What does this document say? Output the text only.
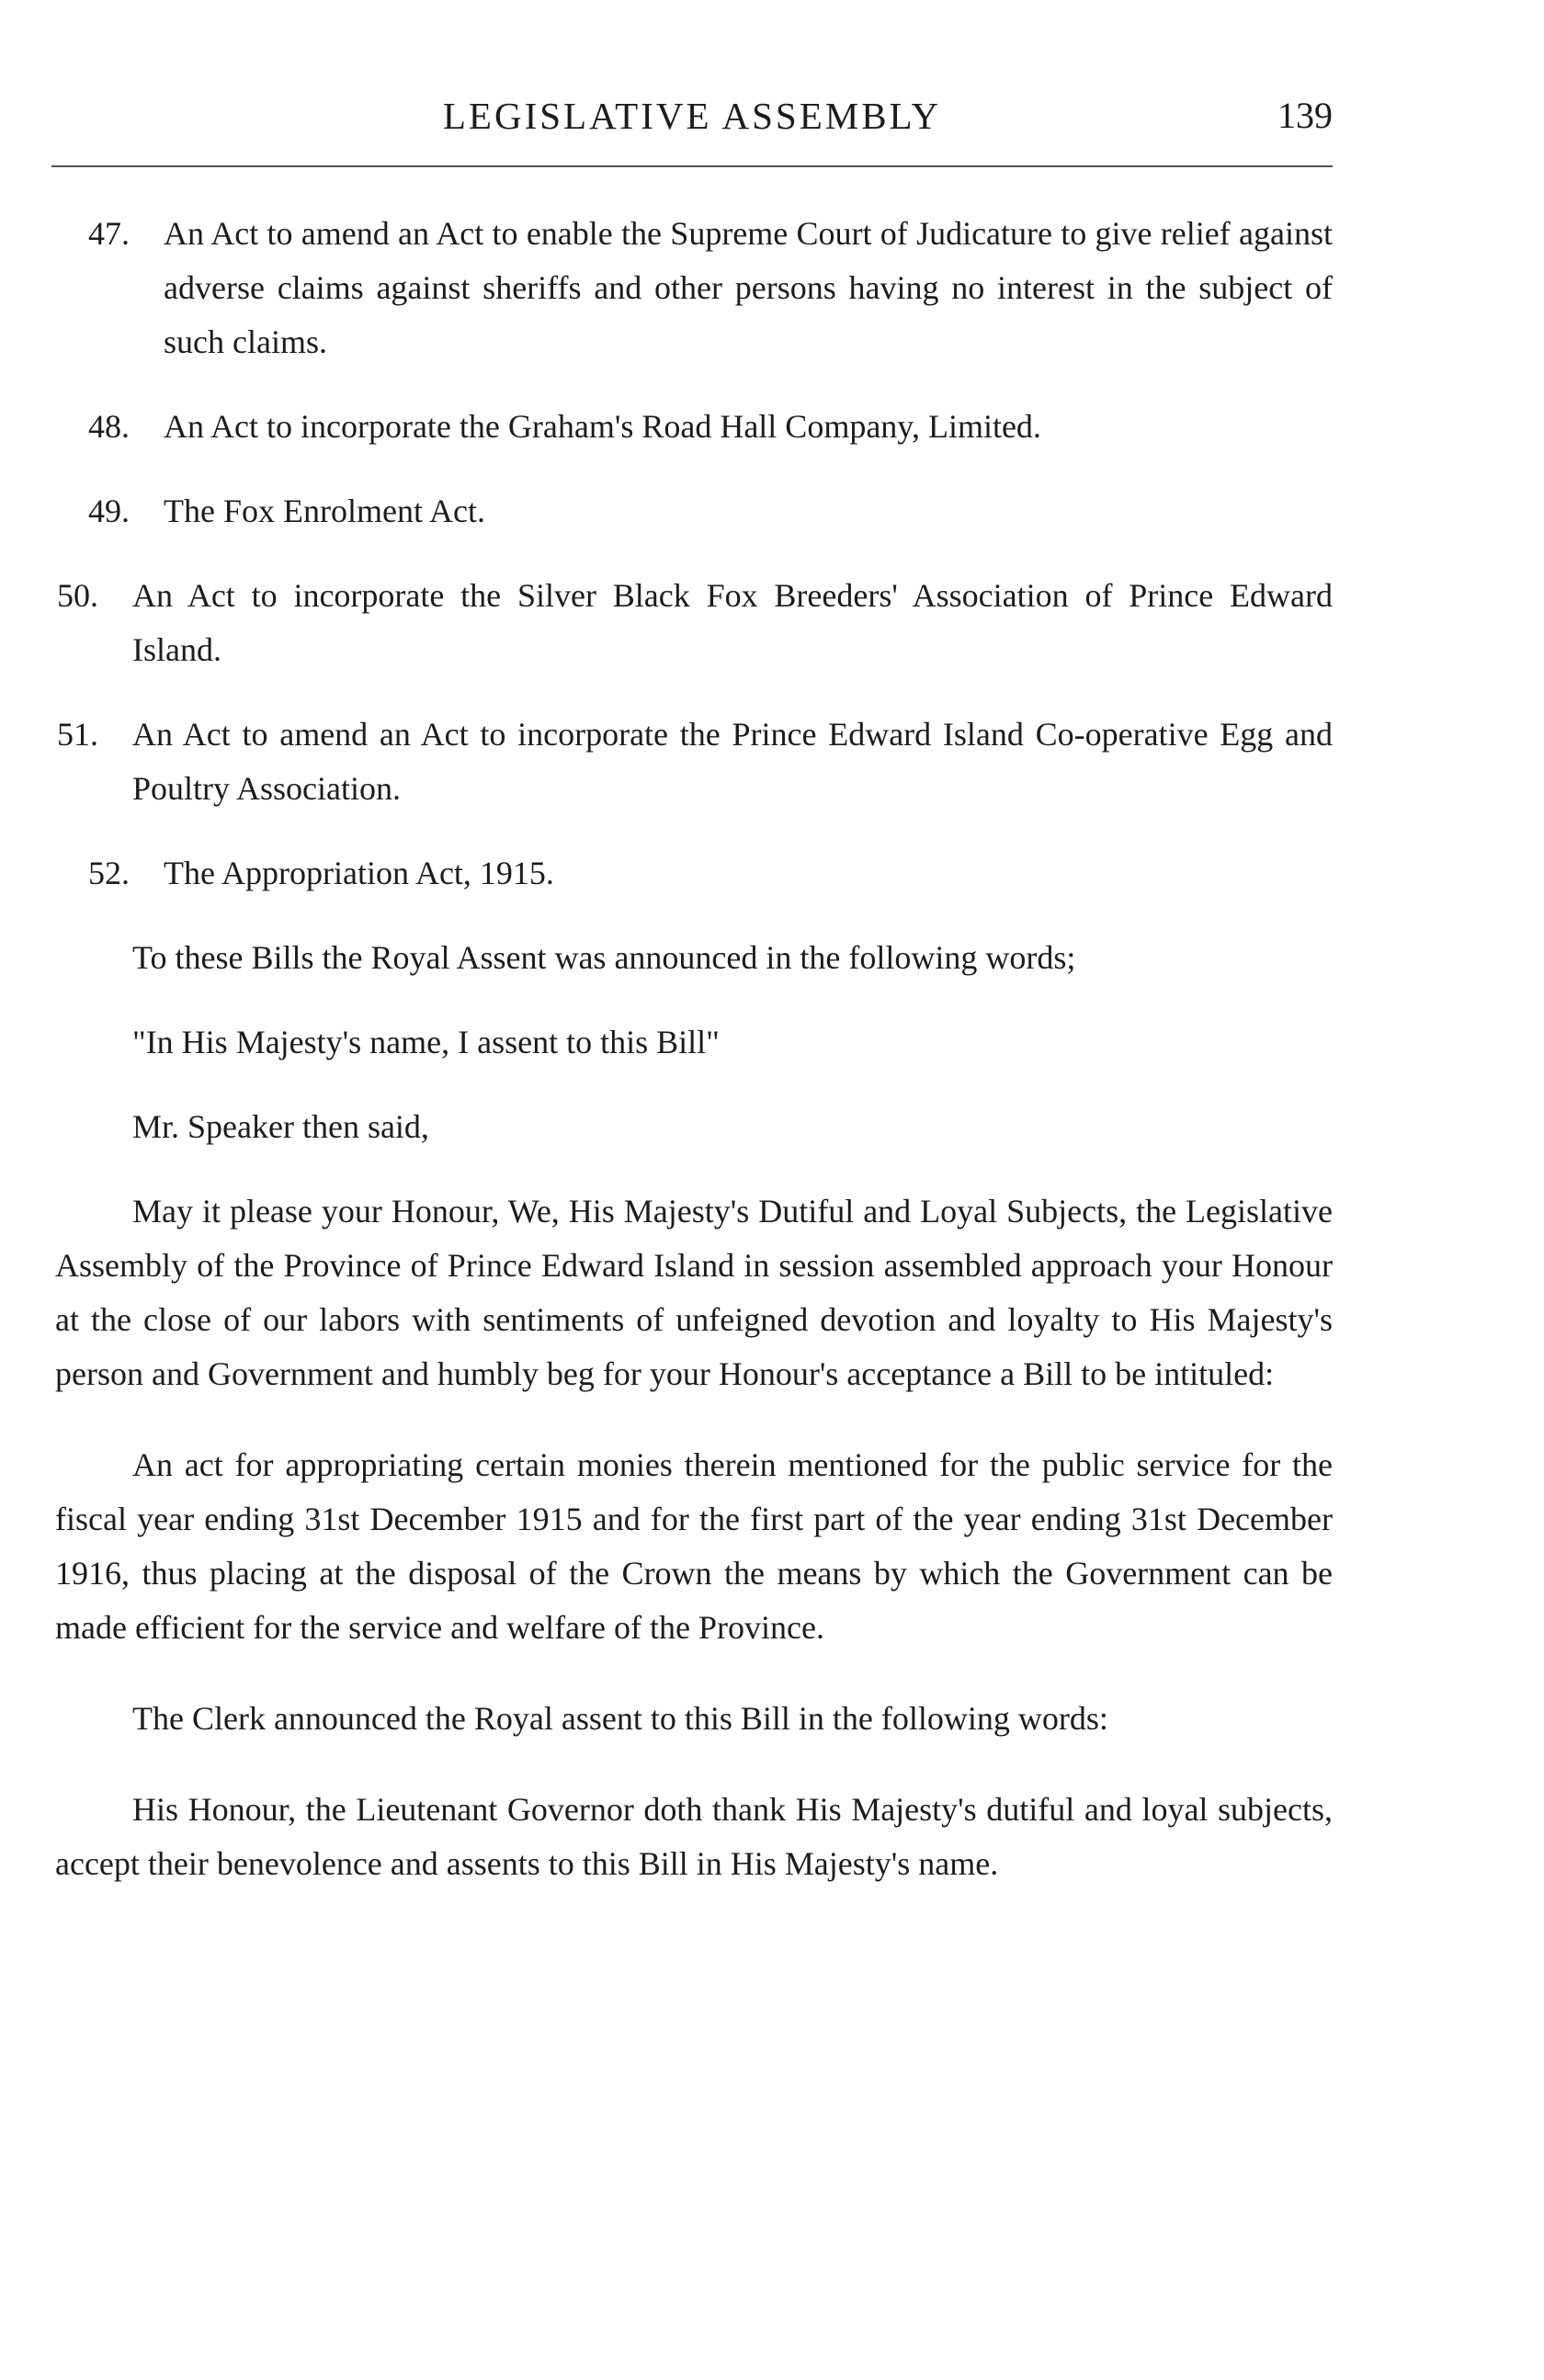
LEGISLATIVE ASSEMBLY	139
47. An Act to amend an Act to enable the Supreme Court of Judicature to give relief against adverse claims against sheriffs and other persons having no interest in the subject of such claims.
48. An Act to incorporate the Graham's Road Hall Company, Limited.
49. The Fox Enrolment Act.
50. An Act to incorporate the Silver Black Fox Breeders' Association of Prince Edward Island.
51. An Act to amend an Act to incorporate the Prince Edward Island Co-operative Egg and Poultry Association.
52. The Appropriation Act, 1915.

To these Bills the Royal Assent was announced in the following words;

"In His Majesty's name, I assent to this Bill"

Mr. Speaker then said,

May it please your Honour, We, His Majesty's Dutiful and Loyal Subjects, the Legislative Assembly of the Province of Prince Edward Island in session assembled approach your Honour at the close of our labors with sentiments of unfeigned devotion and loyalty to His Majesty's person and Government and humbly beg for your Honour's acceptance a Bill to be intituled:

An act for appropriating certain monies therein mentioned for the public service for the fiscal year ending 31st December 1915 and for the first part of the year ending 31st December 1916, thus placing at the disposal of the Crown the means by which the Government can be made efficient for the service and welfare of the Province.

The Clerk announced the Royal assent to this Bill in the following words:

His Honour, the Lieutenant Governor doth thank His Majesty's dutiful and loyal subjects, accept their benevolence and assents to this Bill in His Majesty's name.
